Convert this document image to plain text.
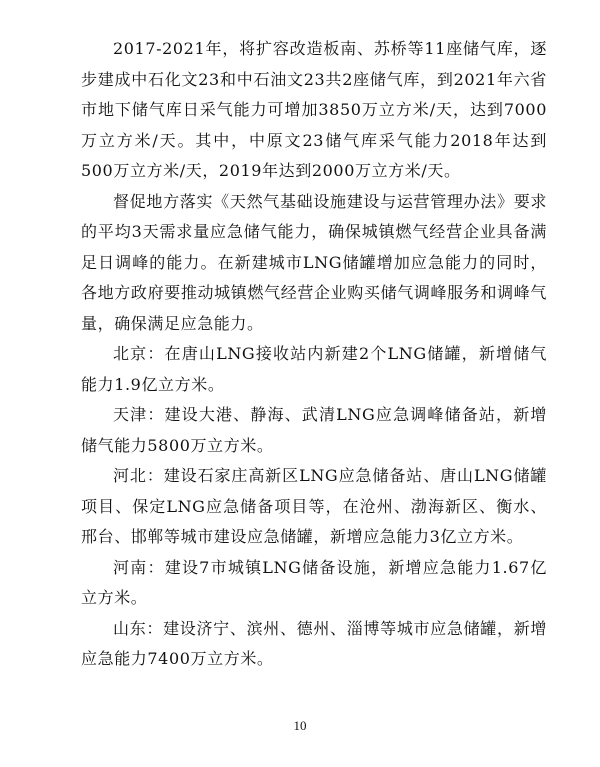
2017-2021年，将扩容改造板南、苏桥等11座储气库，逐步建成中石化文23和中石油文23共2座储气库，到2021年六省市地下储气库日采气能力可增加3850万立方米/天，达到7000万立方米/天。其中，中原文23储气库采气能力2018年达到500万立方米/天，2019年达到2000万立方米/天。

督促地方落实《天然气基础设施建设与运营管理办法》要求的平均3天需求量应急储气能力，确保城镇燃气经营企业具备满足日调峰的能力。在新建城市LNG储罐增加应急能力的同时，各地方政府要推动城镇燃气经营企业购买储气调峰服务和调峰气量，确保满足应急能力。

北京：在唐山LNG接收站内新建2个LNG储罐，新增储气能力1.9亿立方米。

天津：建设大港、静海、武清LNG应急调峰储备站，新增储气能力5800万立方米。

河北：建设石家庄高新区LNG应急储备站、唐山LNG储罐项目、保定LNG应急储备项目等，在沧州、渤海新区、衡水、邢台、邯郸等城市建设应急储罐，新增应急能力3亿立方米。

河南：建设7市城镇LNG储备设施，新增应急能力1.67亿立方米。

山东：建设济宁、滨州、德州、淄博等城市应急储罐，新增应急能力7400万立方米。

10
